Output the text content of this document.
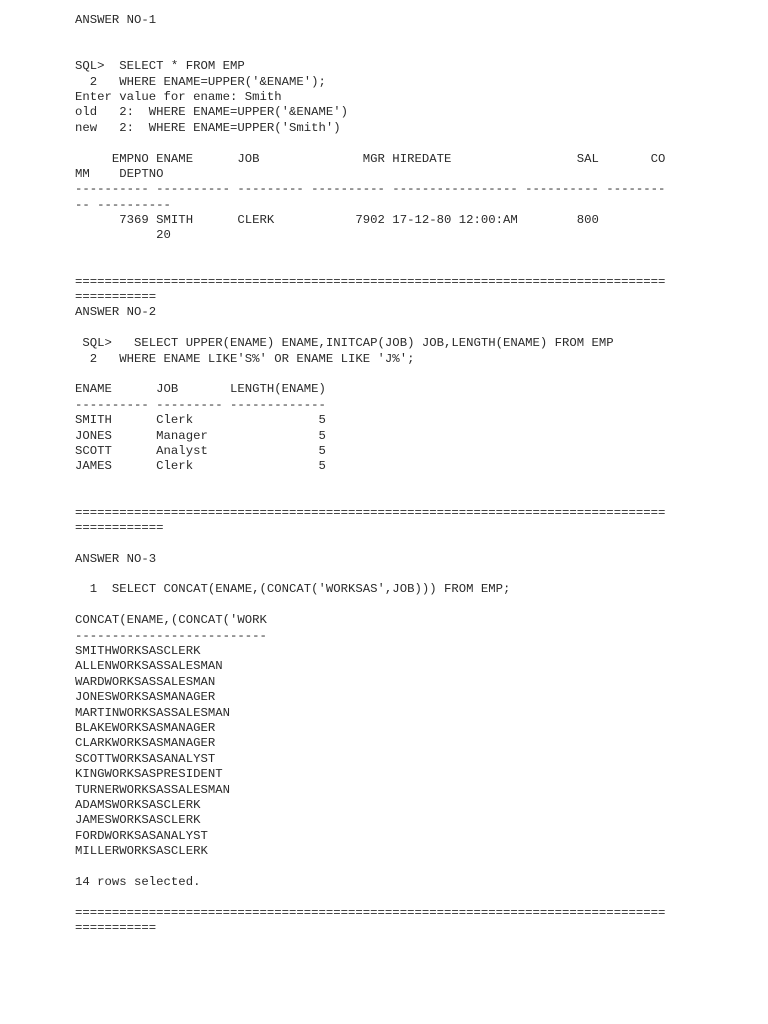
ANSWER NO-1
SQL>  SELECT * FROM EMP
2   WHERE ENAME=UPPER('&ENAME');
Enter value for ename: Smith
old   2:  WHERE ENAME=UPPER('&ENAME')
new   2:  WHERE ENAME=UPPER('Smith')
EMPNO ENAME      JOB              MGR HIREDATE                 SAL       CO
MM    DEPTNO
---------- ---------- --------- ---------- ----------------- ---------- --------
-- ----------
7369 SMITH      CLERK           7902 17-12-80 12:00:AM        800
20
================================================================================
===========
ANSWER NO-2
SQL>   SELECT UPPER(ENAME) ENAME,INITCAP(JOB) JOB,LENGTH(ENAME) FROM EMP
2   WHERE ENAME LIKE'S%' OR ENAME LIKE 'J%';
ENAME      JOB       LENGTH(ENAME)
---------- --------- -------------
SMITH      Clerk                 5
JONES      Manager               5
SCOTT      Analyst               5
JAMES      Clerk                 5
================================================================================
============
ANSWER NO-3
1  SELECT CONCAT(ENAME,(CONCAT('WORKSAS',JOB))) FROM EMP;
CONCAT(ENAME,(CONCAT('WORK
--------------------------
SMITHWORKSASCLERK
ALLENWORKSASSALESMAN
WARDWORKSASSALESMAN
JONESWORKSASMANAGER
MARTINWORKSASSALESMAN
BLAKEWORKSASMANAGER
CLARKWORKSASMANAGER
SCOTTWORKSASANALYST
KINGWORKSASPRESIDENT
TURNERWORKSASSALESMAN
ADAMSWORKSASCLERK
JAMESWORKSASCLERK
FORDWORKSASANALYST
MILLERWORKSASCLERK
14 rows selected.
================================================================================
===========
